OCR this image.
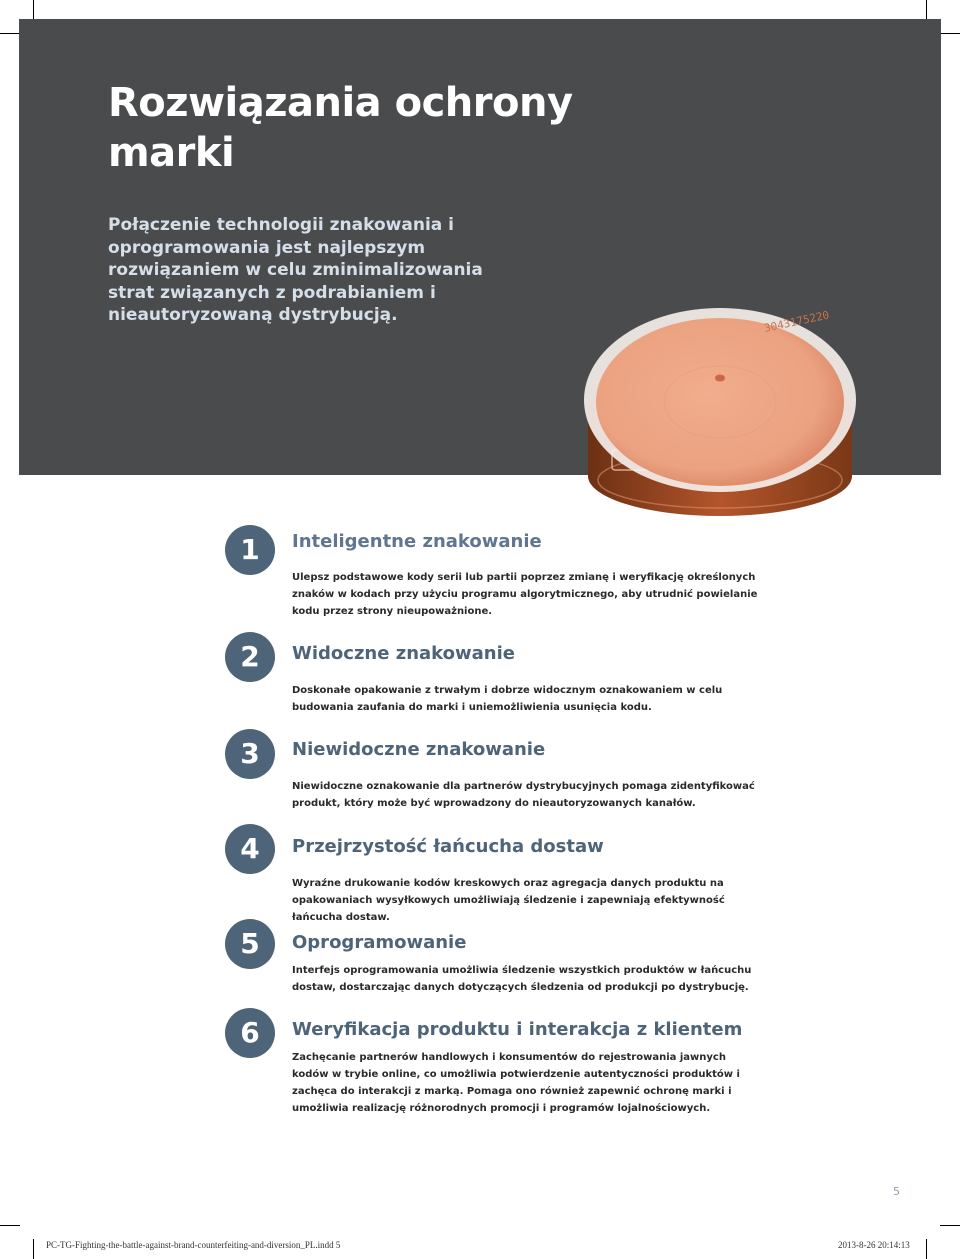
Rozwiązania ochrony marki

Połączenie technologii znakowania i oprogramowania jest najlepszym rozwiązaniem w celu zminimalizowania strat związanych z podrabianiem i nieautoryzowaną dystrybucją.	3043175220
1	Inteligentne znakowanie

Ulepsz podstawowe kody serii lub partii poprzez zmianę i weryfikację określonych znaków w kodach przy użyciu programu algorytmicznego, aby utrudnić powielanie kodu przez strony nieupoważnione.

2	Widoczne znakowanie

Doskonałe opakowanie z trwałym i dobrze widocznym oznakowaniem w celu budowania zaufania do marki i uniemożliwienia usunięcia kodu.

3	Niewidoczne znakowanie

Niewidoczne oznakowanie dla partnerów dystrybucyjnych pomaga zidentyfikować produkt, który może być wprowadzony do nieautoryzowanych kanałów.

4	Przejrzystość łańcucha dostaw

Wyraźne drukowanie kodów kreskowych oraz agregacja danych produktu na opakowaniach wysyłkowych umożliwiają śledzenie i zapewniają efektywność łańcucha dostaw.

5	Oprogramowanie

Interfejs oprogramowania umożliwia śledzenie wszystkich produktów w łańcuchu dostaw, dostarczając danych dotyczących śledzenia od produkcji po dystrybucję.

6	Weryfikacja produktu i interakcja z klientem

Zachęcanie partnerów handlowych i konsumentów do rejestrowania jawnych kodów w trybie online, co umożliwia potwierdzenie autentyczności produktów i zachęca do interakcji z marką. Pomaga ono również zapewnić ochronę marki i umożliwia realizację różnorodnych promocji i programów lojalnościowych.

5
PC-TG-Fighting-the-battle-against-brand-counterfeiting-and-diversion_PL.indd 5	2013-8-26 20:14:13
